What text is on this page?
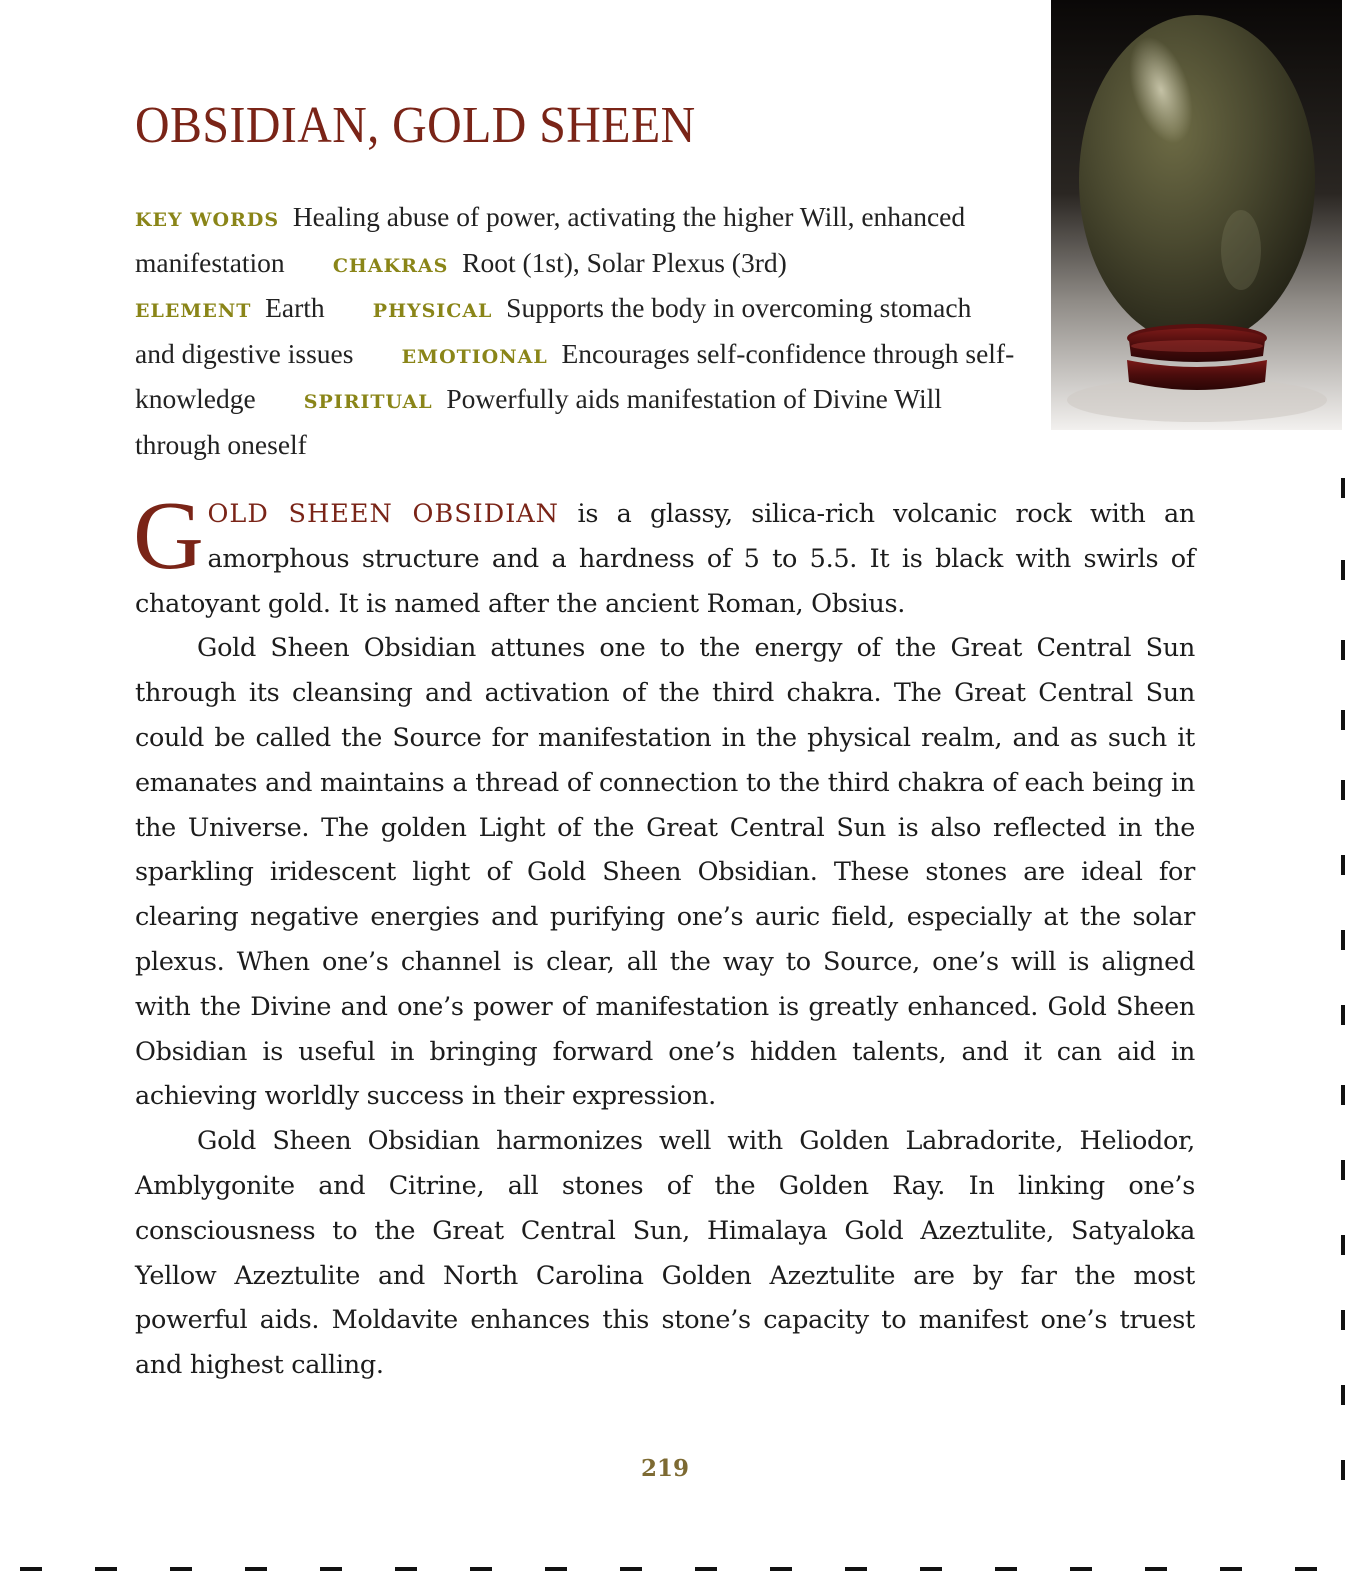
OBSIDIAN, GOLD SHEEN
KEY WORDS Healing abuse of power, activating the higher Will, enhanced manifestation	CHAKRAS Root (1st), Solar Plexus (3rd)
ELEMENT Earth	PHYSICAL Supports the body in overcoming stomach and digestive issues	EMOTIONAL Encourages self-confidence through self-knowledge	SPIRITUAL Powerfully aids manifestation of Divine Will through oneself

GOLD SHEEN OBSIDIAN is a glassy, silica-rich volcanic rock with an amorphous structure and a hardness of 5 to 5.5. It is black with swirls of chatoyant gold. It is named after the ancient Roman, Obsius.

Gold Sheen Obsidian attunes one to the energy of the Great Central Sun through its cleansing and activation of the third chakra. The Great Central Sun could be called the Source for manifestation in the physical realm, and as such it emanates and maintains a thread of connection to the third chakra of each being in the Universe. The golden Light of the Great Central Sun is also reflected in the sparkling iridescent light of Gold Sheen Obsidian. These stones are ideal for clearing negative energies and purifying one’s auric field, especially at the solar plexus. When one’s channel is clear, all the way to Source, one’s will is aligned with the Divine and one’s power of manifestation is greatly enhanced. Gold Sheen Obsidian is useful in bringing forward one’s hidden talents, and it can aid in achieving worldly success in their expression.

Gold Sheen Obsidian harmonizes well with Golden Labradorite, Heliodor, Amblygonite and Citrine, all stones of the Golden Ray. In linking one’s consciousness to the Great Central Sun, Himalaya Gold Azeztulite, Satyaloka Yellow Azeztulite and North Carolina Golden Azeztulite are by far the most powerful aids. Moldavite enhances this stone’s capacity to manifest one’s truest and highest calling.

219
